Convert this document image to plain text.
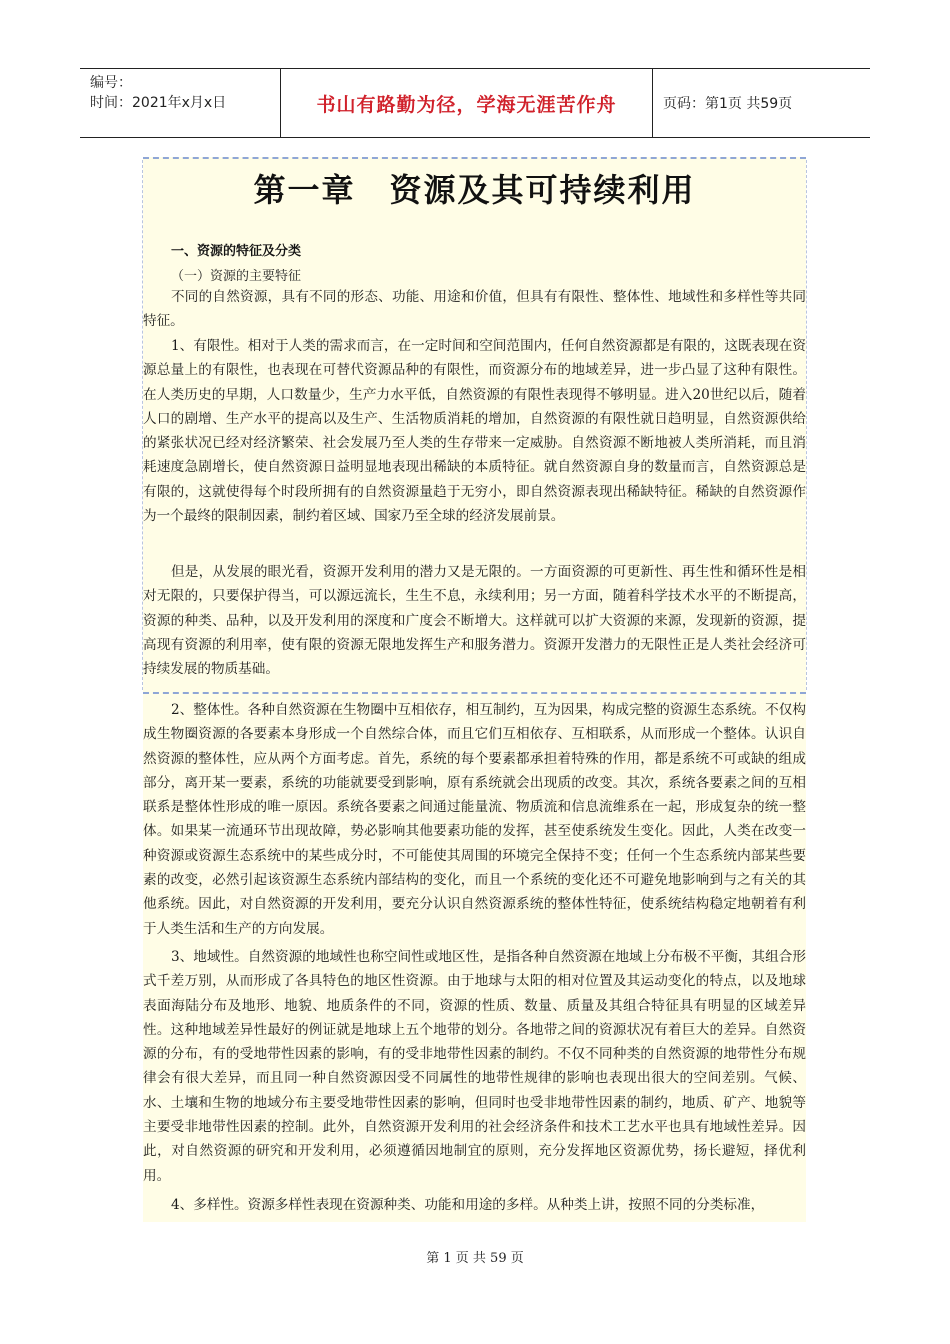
编号：
时间：2021年x月x日	书山有路勤为径，学海无涯苦作舟	页码：第1页 共59页
第一章　资源及其可持续利用
一、资源的特征及分类
（一）资源的主要特征
不同的自然资源，具有不同的形态、功能、用途和价值，但具有有限性、整体性、地域性和多样性等共同特征。
1、有限性。相对于人类的需求而言，在一定时间和空间范围内，任何自然资源都是有限的，这既表现在资源总量上的有限性，也表现在可替代资源品种的有限性，而资源分布的地域差异，进一步凸显了这种有限性。在人类历史的早期，人口数量少，生产力水平低，自然资源的有限性表现得不够明显。进入20世纪以后，随着人口的剧增、生产水平的提高以及生产、生活物质消耗的增加，自然资源的有限性就日趋明显，自然资源供给的紧张状况已经对经济繁荣、社会发展乃至人类的生存带来一定威胁。自然资源不断地被人类所消耗，而且消耗速度急剧增长，使自然资源日益明显地表现出稀缺的本质特征。就自然资源自身的数量而言，自然资源总是有限的，这就使得每个时段所拥有的自然资源量趋于无穷小，即自然资源表现出稀缺特征。稀缺的自然资源作为一个最终的限制因素，制约着区域、国家乃至全球的经济发展前景。
但是，从发展的眼光看，资源开发利用的潜力又是无限的。一方面资源的可更新性、再生性和循环性是相对无限的，只要保护得当，可以源远流长，生生不息，永续利用；另一方面，随着科学技术水平的不断提高，资源的种类、品种，以及开发利用的深度和广度会不断增大。这样就可以扩大资源的来源，发现新的资源，提高现有资源的利用率，使有限的资源无限地发挥生产和服务潜力。资源开发潜力的无限性正是人类社会经济可持续发展的物质基础。
2、整体性。各种自然资源在生物圈中互相依存，相互制约，互为因果，构成完整的资源生态系统。不仅构成生物圈资源的各要素本身形成一个自然综合体，而且它们互相依存、互相联系，从而形成一个整体。认识自然资源的整体性，应从两个方面考虑。首先，系统的每个要素都承担着特殊的作用，都是系统不可或缺的组成部分，离开某一要素，系统的功能就要受到影响，原有系统就会出现质的改变。其次，系统各要素之间的互相联系是整体性形成的唯一原因。系统各要素之间通过能量流、物质流和信息流维系在一起，形成复杂的统一整体。如果某一流通环节出现故障，势必影响其他要素功能的发挥，甚至使系统发生变化。因此，人类在改变一种资源或资源生态系统中的某些成分时，不可能使其周围的环境完全保持不变；任何一个生态系统内部某些要素的改变，必然引起该资源生态系统内部结构的变化，而且一个系统的变化还不可避免地影响到与之有关的其他系统。因此，对自然资源的开发利用，要充分认识自然资源系统的整体性特征，使系统结构稳定地朝着有利于人类生活和生产的方向发展。
3、地域性。自然资源的地域性也称空间性或地区性，是指各种自然资源在地域上分布极不平衡，其组合形式千差万别，从而形成了各具特色的地区性资源。由于地球与太阳的相对位置及其运动变化的特点，以及地球表面海陆分布及地形、地貌、地质条件的不同，资源的性质、数量、质量及其组合特征具有明显的区域差异性。这种地域差异性最好的例证就是地球上五个地带的划分。各地带之间的资源状况有着巨大的差异。自然资源的分布，有的受地带性因素的影响，有的受非地带性因素的制约。不仅不同种类的自然资源的地带性分布规律会有很大差异，而且同一种自然资源因受不同属性的地带性规律的影响也表现出很大的空间差别。气候、水、土壤和生物的地域分布主要受地带性因素的影响，但同时也受非地带性因素的制约，地质、矿产、地貌等主要受非地带性因素的控制。此外，自然资源开发利用的社会经济条件和技术工艺水平也具有地域性差异。因此，对自然资源的研究和开发利用，必须遵循因地制宜的原则，充分发挥地区资源优势，扬长避短，择优利用。
4、多样性。资源多样性表现在资源种类、功能和用途的多样。从种类上讲，按照不同的分类标准，
第 1 页 共 59 页
